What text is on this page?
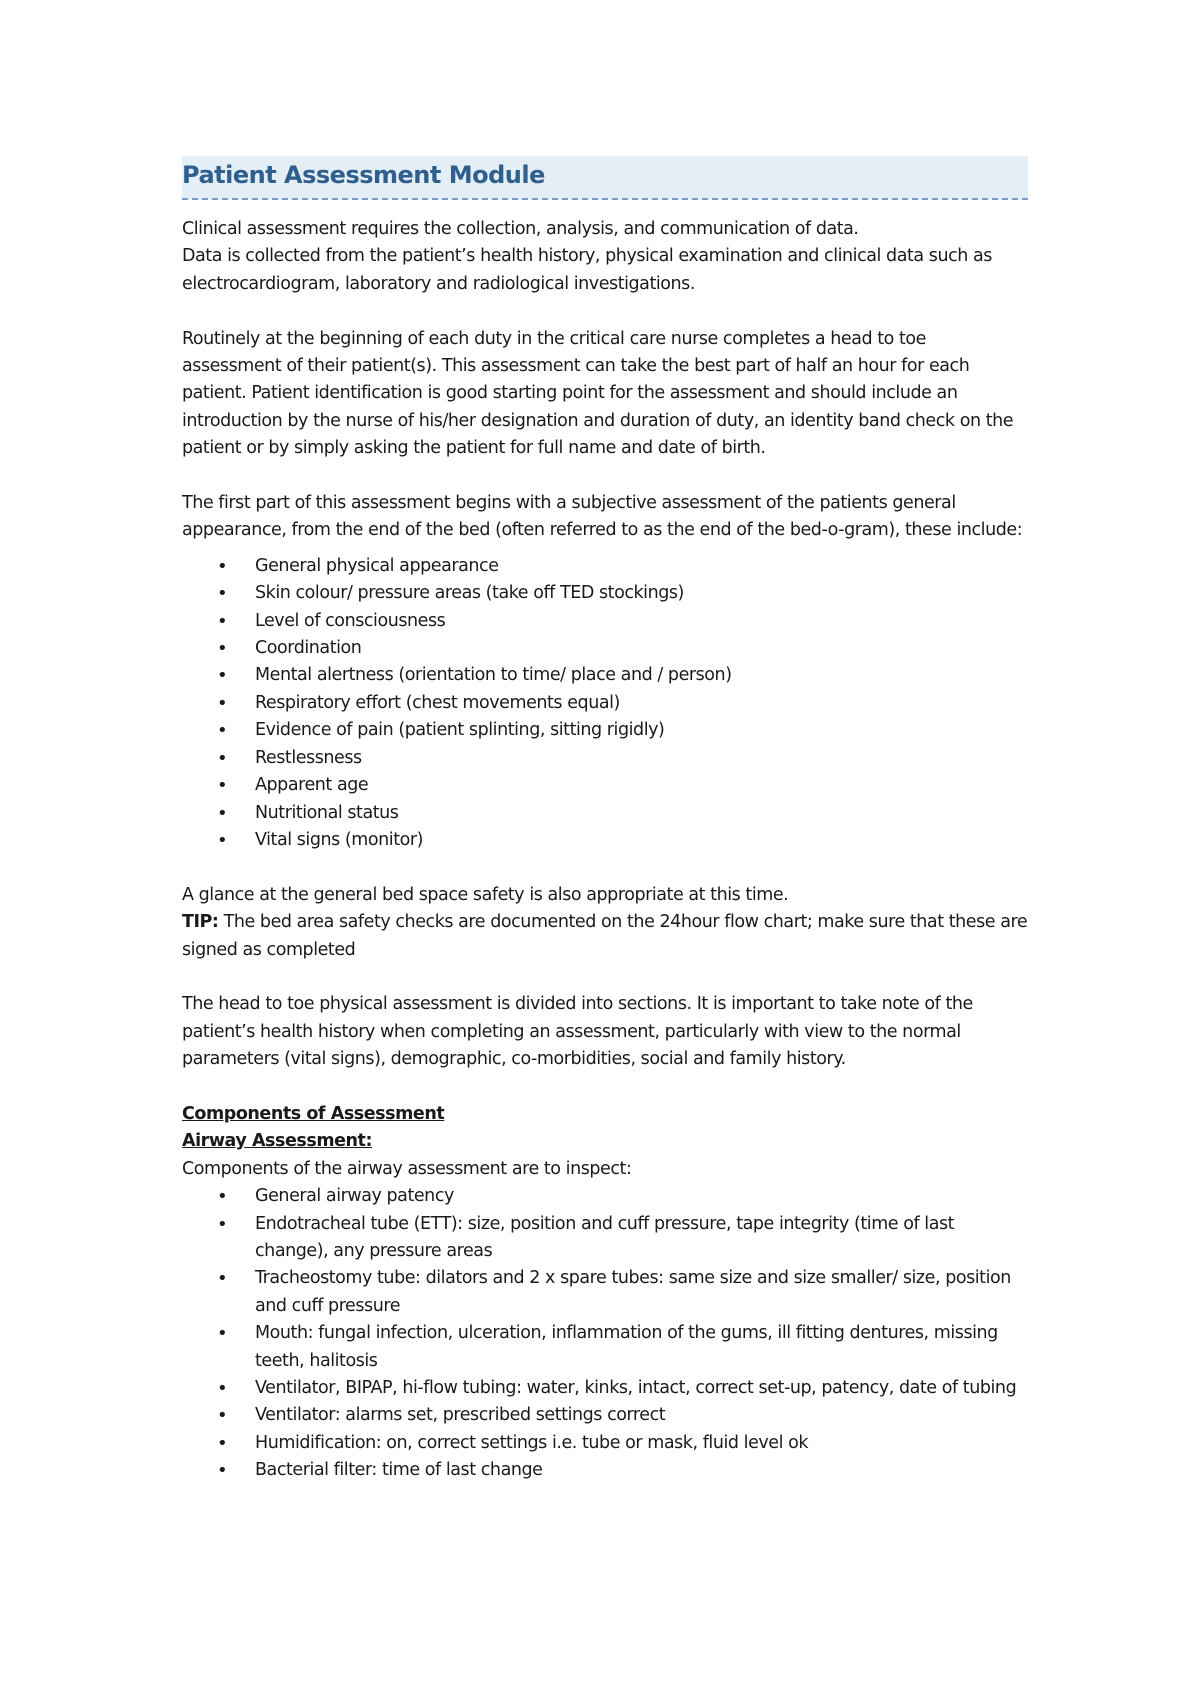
Patient Assessment Module

Clinical assessment requires the collection, analysis, and communication of data.

Data is collected from the patient’s health history, physical examination and clinical data such as electrocardiogram, laboratory and radiological investigations.

Routinely at the beginning of each duty in the critical care nurse completes a head to toe assessment of their patient(s). This assessment can take the best part of half an hour for each patient. Patient identification is good starting point for the assessment and should include an introduction by the nurse of his/her designation and duration of duty, an identity band check on the patient or by simply asking the patient for full name and date of birth.

The first part of this assessment begins with a subjective assessment of the patients general appearance, from the end of the bed (often referred to as the end of the bed-o-gram), these include:

• General physical appearance
• Skin colour/ pressure areas (take off TED stockings)
• Level of consciousness
• Coordination
• Mental alertness (orientation to time/ place and / person)
• Respiratory effort (chest movements equal)
• Evidence of pain (patient splinting, sitting rigidly)
• Restlessness
• Apparent age
• Nutritional status
• Vital signs (monitor)

A glance at the general bed space safety is also appropriate at this time.

TIP: The bed area safety checks are documented on the 24hour flow chart; make sure that these are signed as completed

The head to toe physical assessment is divided into sections. It is important to take note of the patient’s health history when completing an assessment, particularly with view to the normal parameters (vital signs), demographic, co-morbidities, social and family history.

Components of Assessment

Airway Assessment:

Components of the airway assessment are to inspect:

• General airway patency
• Endotracheal tube (ETT): size, position and cuff pressure, tape integrity (time of last change), any pressure areas
• Tracheostomy tube: dilators and 2 x spare tubes: same size and size smaller/ size, position and cuff pressure
• Mouth: fungal infection, ulceration, inflammation of the gums, ill fitting dentures, missing teeth, halitosis
• Ventilator, BIPAP, hi-flow tubing: water, kinks, intact, correct set-up, patency, date of tubing
• Ventilator: alarms set, prescribed settings correct
• Humidification: on, correct settings i.e. tube or mask, fluid level ok
• Bacterial filter: time of last change
